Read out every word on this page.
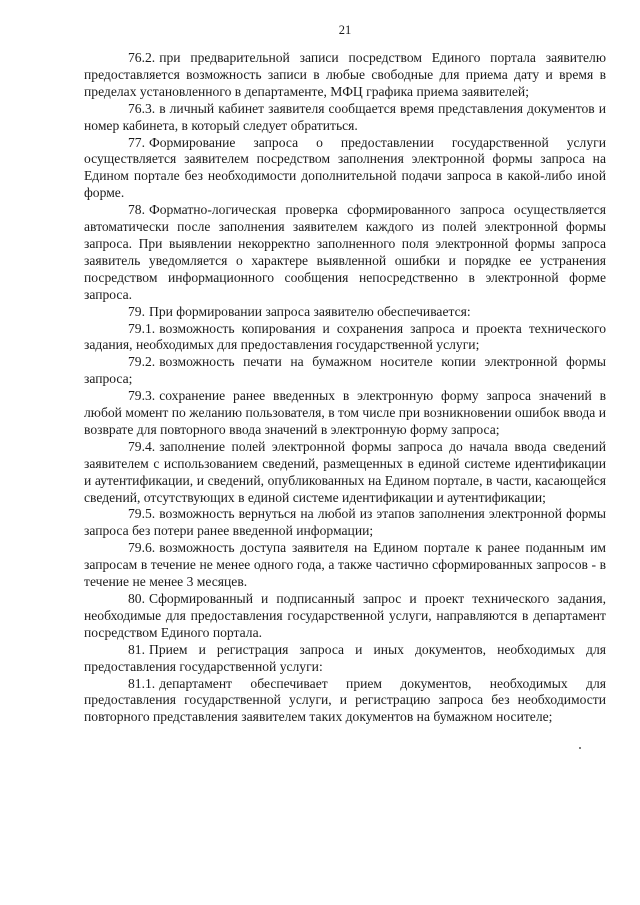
21

76.2. при предварительной записи посредством Единого портала заявителю предоставляется возможность записи в любые свободные для приема дату и время в пределах установленного в департаменте, МФЦ графика приема заявителей;

76.3. в личный кабинет заявителя сообщается время представления документов и номер кабинета, в который следует обратиться.

77. Формирование запроса о предоставлении государственной услуги осуществляется заявителем посредством заполнения электронной формы запроса на Едином портале без необходимости дополнительной подачи запроса в какой-либо иной форме.

78. Форматно-логическая проверка сформированного запроса осуществляется автоматически после заполнения заявителем каждого из полей электронной формы запроса. При выявлении некорректно заполненного поля электронной формы запроса заявитель уведомляется о характере выявленной ошибки и порядке ее устранения посредством информационного сообщения непосредственно в электронной форме запроса.

79. При формировании запроса заявителю обеспечивается:

79.1. возможность копирования и сохранения запроса и проекта технического задания, необходимых для предоставления государственной услуги;

79.2. возможность печати на бумажном носителе копии электронной формы запроса;

79.3. сохранение ранее введенных в электронную форму запроса значений в любой момент по желанию пользователя, в том числе при возникновении ошибок ввода и возврате для повторного ввода значений в электронную форму запроса;

79.4. заполнение полей электронной формы запроса до начала ввода сведений заявителем с использованием сведений, размещенных в единой системе идентификации и аутентификации, и сведений, опубликованных на Едином портале, в части, касающейся сведений, отсутствующих в единой системе идентификации и аутентификации;

79.5. возможность вернуться на любой из этапов заполнения электронной формы запроса без потери ранее введенной информации;

79.6. возможность доступа заявителя на Едином портале к ранее поданным им запросам в течение не менее одного года, а также частично сформированных запросов - в течение не менее 3 месяцев.

80. Сформированный и подписанный запрос и проект технического задания, необходимые для предоставления государственной услуги, направляются в департамент посредством Единого портала.

81. Прием и регистрация запроса и иных документов, необходимых для предоставления государственной услуги:

81.1. департамент обеспечивает прием документов, необходимых для предоставления государственной услуги, и регистрацию запроса без необходимости повторного представления заявителем таких документов на бумажном носителе;
